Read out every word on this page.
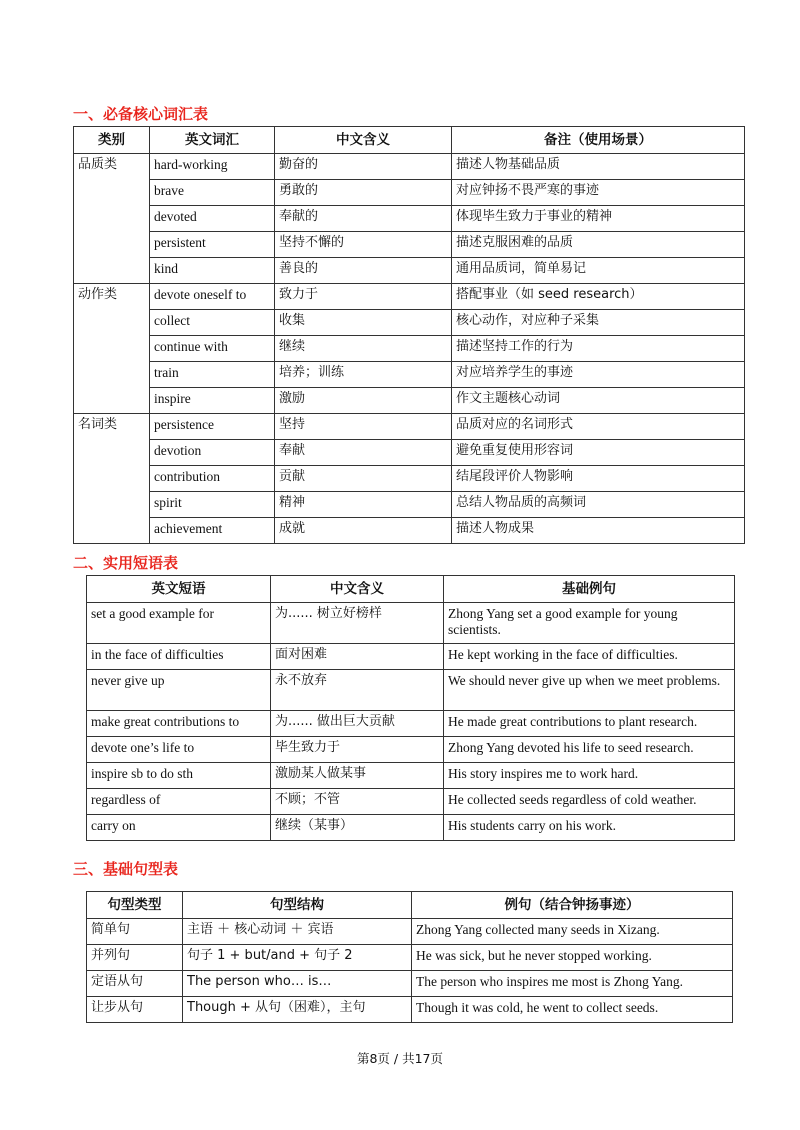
一、必备核心词汇表
类别	英文词汇	中文含义	备注（使用场景）

品质类	hard-working	勤奋的	描述人物基础品质

	brave	勇敢的	对应钟扬不畏严寒的事迹

	devoted	奉献的	体现毕生致力于事业的精神

	persistent	坚持不懈的	描述克服困难的品质

	kind	善良的	通用品质词，简单易记

动作类	devote oneself to	致力于	搭配事业（如 seed research）

	collect	收集	核心动作，对应种子采集

	continue with	继续	描述坚持工作的行为

	train	培养；训练	对应培养学生的事迹

	inspire	激励	作文主题核心动词

名词类	persistence	坚持	品质对应的名词形式

	devotion	奉献	避免重复使用形容词

	contribution	贡献	结尾段评价人物影响

	spirit	精神	总结人物品质的高频词

	achievement	成就	描述人物成果
二、实用短语表
英文短语	中文含义	基础例句

set a good example for	为...... 树立好榜样	Zhong Yang set a good example for young scientists.

in the face of difficulties	面对困难	He kept working in the face of difficulties.

never give up	永不放弃	We should never give up when we meet problems.

make great contributions to	为...... 做出巨大贡献	He made great contributions to plant research.

devote one’s life to	毕生致力于	Zhong Yang devoted his life to seed research.

inspire sb to do sth	激励某人做某事	His story inspires me to work hard.

regardless of	不顾；不管	He collected seeds regardless of cold weather.

carry on	继续（某事）	His students carry on his work.
三、基础句型表
句型类型	句型结构	例句（结合钟扬事迹）

简单句	主语 ＋ 核心动词 ＋ 宾语	Zhong Yang collected many seeds in Xizang.

并列句	句子 1 + but/and + 句子 2	He was sick, but he never stopped working.

定语从句	The person who… is…	The person who inspires me most is Zhong Yang.

让步从句	Though + 从句（困难），主句	Though it was cold, he went to collect seeds.
第8页 / 共17页
